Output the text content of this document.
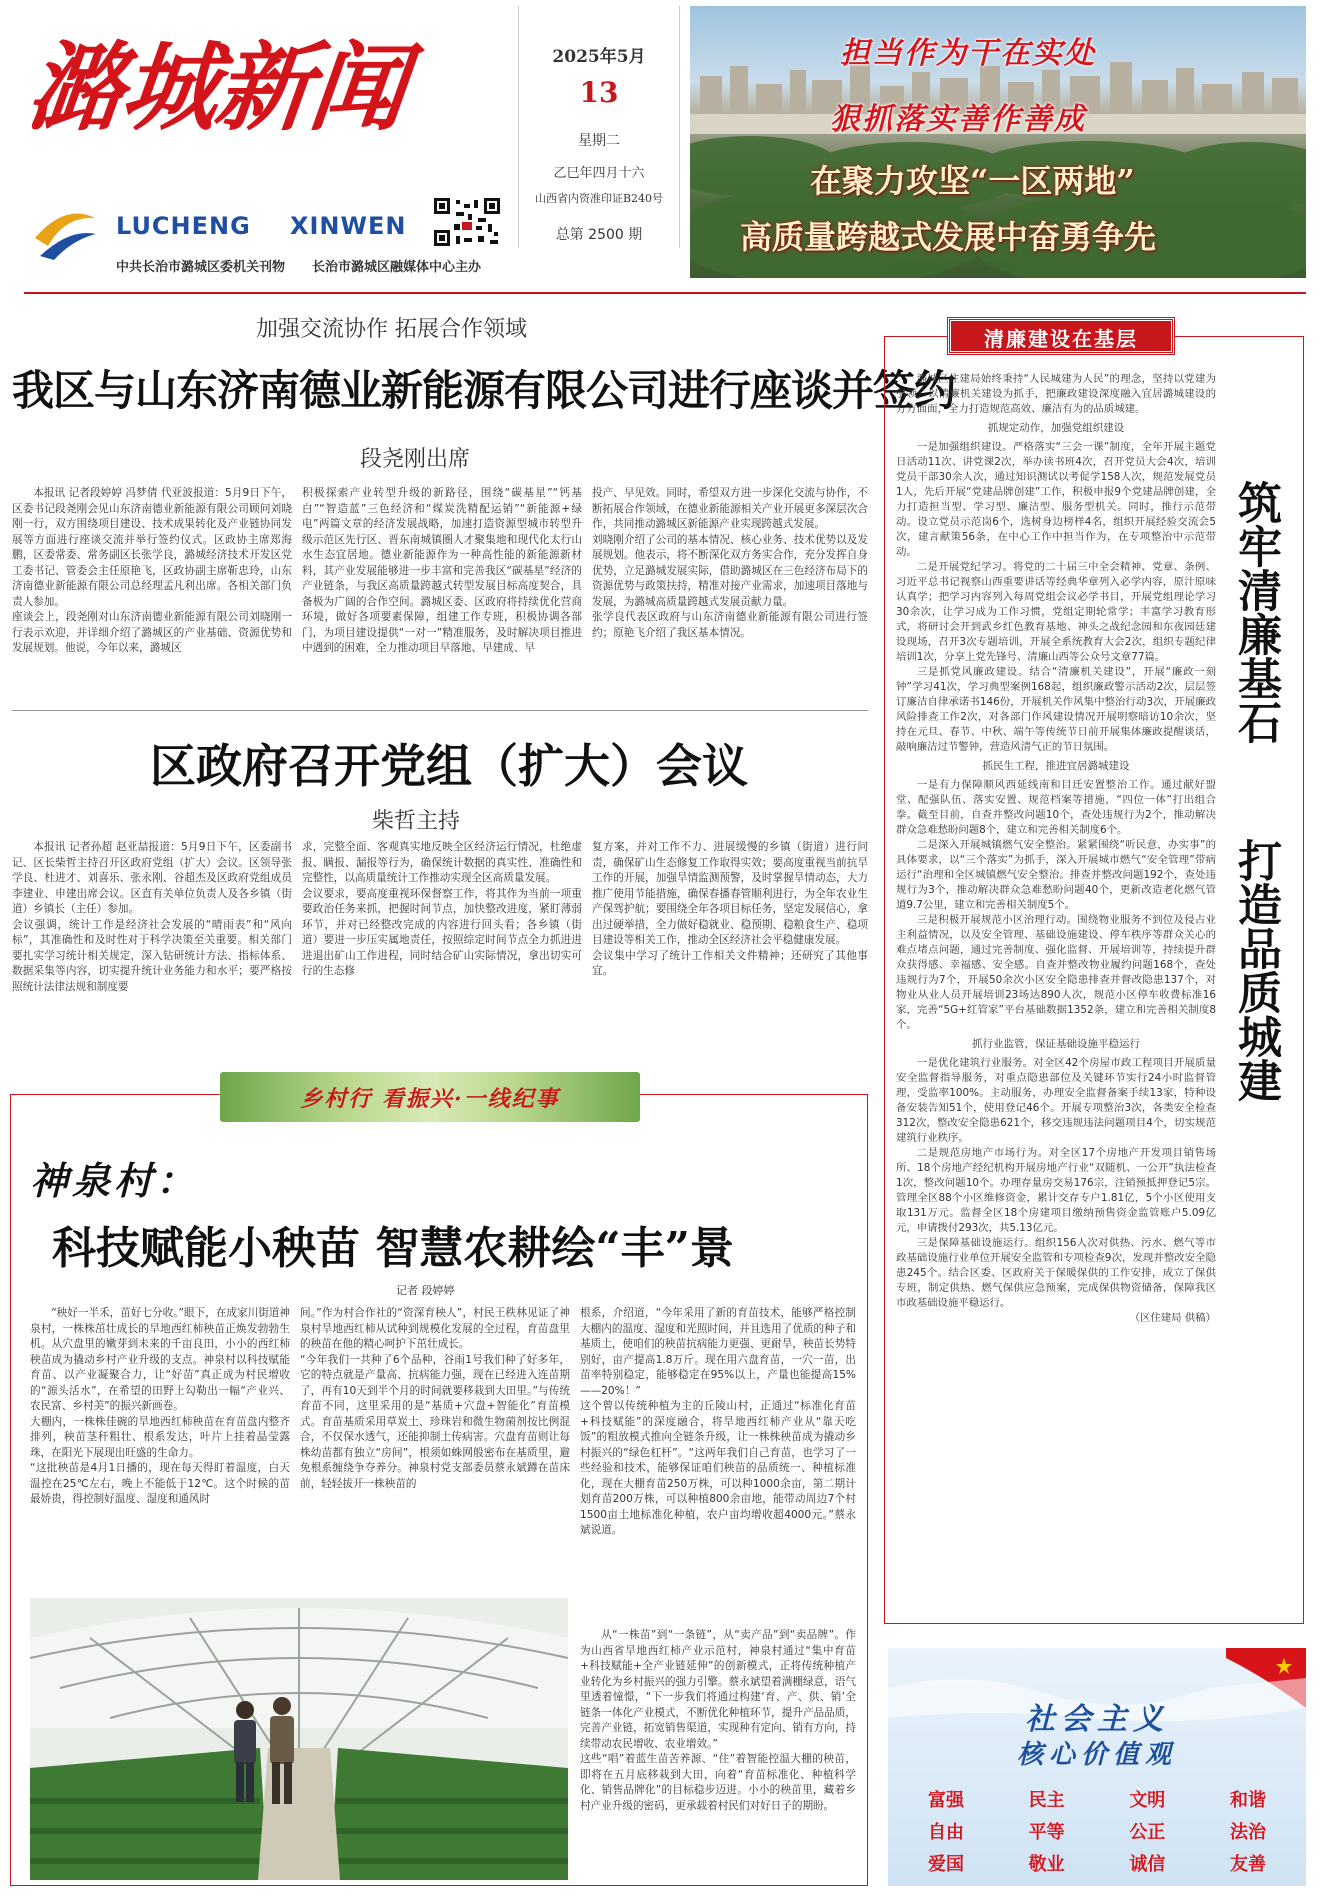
潞城新闻
LUCHENG XINWEN
中共长治市潞城区委机关刊物 长治市潞城区融媒体中心主办
2025年5月
13
星期二
乙巳年四月十六
山西省内资准印证B240号
总第 2500 期
担当作为干在实处
狠抓落实善作善成
在聚力攻坚“一区两地”
高质量跨越式发展中奋勇争先
加强交流协作 拓展合作领域
我区与山东济南德业新能源有限公司进行座谈并签约
段尧刚出席
本报讯 记者段婷婷 冯梦倩 代亚波报道：5月9日下午，区委书记段尧刚会见山东济南德业新能源有限公司顾问刘晓刚一行，双方围绕项目建设、技术成果转化及产业链协同发展等方面进行座谈交流并举行签约仪式。区政协主席郑海鹏，区委常委、常务副区长张学良，潞城经济技术开发区党工委书记、管委会主任原艳飞，区政协副主席靳忠玲，山东济南德业新能源有限公司总经理孟凡利出席。各相关部门负责人参加。
座谈会上，段尧刚对山东济南德业新能源有限公司刘晓刚一行表示欢迎，并详细介绍了潞城区的产业基础、资源优势和发展规划。他说，今年以来，潞城区
积极探索产业转型升级的新路径，围绕“碳基星”“钙基白”“智造蓝”三色经济和“煤炭洗精配运销”“新能源+绿电”两篇文章的经济发展战略，加速打造资源型城市转型升级示范区先行区、晋东南城镇圈人才聚集地和现代化太行山水生态宜居地。德业新能源作为一种高性能的新能源新材料，其产业发展能够进一步丰富和完善我区“碳基星”经济的产业链条，与我区高质量跨越式转型发展目标高度契合，具备极为广阔的合作空间。潞城区委、区政府将持续优化营商环境，做好各项要素保障，组建工作专班，积极协调各部门，为项目建设提供“一对一”精准服务，及时解决项目推进中遇到的困难，全力推动项目早落地、早建成、早
投产、早见效。同时，希望双方进一步深化交流与协作，不断拓展合作领域，在德业新能源相关产业开展更多深层次合作，共同推动潞城区新能源产业实现跨越式发展。
刘晓刚介绍了公司的基本情况、核心业务、技术优势以及发展规划。他表示，将不断深化双方务实合作，充分发挥自身优势，立足潞城发展实际，借助潞城区在三色经济布局下的资源优势与政策扶持，精准对接产业需求，加速项目落地与发展，为潞城高质量跨越式发展贡献力量。
张学良代表区政府与山东济南德业新能源有限公司进行签约；原艳飞介绍了我区基本情况。
区政府召开党组（扩大）会议
柴哲主持
本报讯 记者孙超 赵亚喆报道：5月9日下午，区委副书记、区长柴哲主持召开区政府党组（扩大）会议。区领导张学良、杜进才、刘喜乐、张永刚、谷超杰及区政府党组成员李建业、申建出席会议。区直有关单位负责人及各乡镇（街道）乡镇长（主任）参加。
会议强调，统计工作是经济社会发展的“晴雨表”和“风向标”，其准确性和及时性对于科学决策至关重要。相关部门要扎实学习统计相关规定，深入钻研统计方法、指标体系、数据采集等内容，切实提升统计业务能力和水平；要严格按照统计法律法规和制度要
求，完整全面、客观真实地反映全区经济运行情况，杜绝虚报、瞒报、漏报等行为，确保统计数据的真实性、准确性和完整性，以高质量统计工作推动实现全区高质量发展。
会议要求，要高度重视环保督察工作，将其作为当前一项重要政治任务来抓，把握时间节点，加快整改进度，紧盯薄弱环节，并对已经整改完成的内容进行回头看；各乡镇（街道）要进一步压实属地责任，按照综定时间节点全力抓进进进退出矿山工作进程，同时结合矿山实际情况，拿出切实可行的生态修
复方案，并对工作不力、进展缓慢的乡镇（街道）进行问责，确保矿山生态修复工作取得实效；要高度重视当前抗旱工作的开展，加强旱情监测预警，及时掌握旱情动态，大力推广使用节能措施，确保春播春管顺利进行，为全年农业生产保驾护航；要围绕全年各项目标任务，坚定发展信心，拿出过硬举措，全力做好稳就业、稳预期、稳粮食生产、稳项目建设等相关工作，推动全区经济社会平稳健康发展。
会议集中学习了统计工作相关文件精神；还研究了其他事宜。
乡村行 看振兴·一线纪事
神泉村：
科技赋能小秧苗 智慧农耕绘“丰”景
记者 段婷婷
“秧好一半禾，苗好七分收。”眼下，在成家川街道神泉村，一株株茁壮成长的旱地西红柿秧苗正焕发勃勃生机。从穴盘里的嫩芽到未来的千亩良田，小小的西红柿秧苗成为撬动乡村产业升级的支点。神泉村以科技赋能育苗、以产业凝聚合力，让“好苗”真正成为村民增收的“源头活水”，在希望的田野上勾勒出一幅“产业兴、农民富、乡村美”的振兴新画卷。
大棚内，一株株佳碗的旱地西红柿秧苗在育苗盘内整齐排列，秧苗茎秆粗壮、根系发达，叶片上挂着晶莹露珠，在阳光下展现出旺盛的生命力。
“这批秧苗是4月1日播的，现在每天得盯着温度，白天温控在25℃左右，晚上不能低于12℃。这个时候的苗最娇贵，得控制好温度、湿度和通风时
间。”作为村合作社的“资深育秧人”，村民王秩林见证了神泉村旱地西红柿从试种到规模化发展的全过程，育苗盘里的秧苗在他的精心呵护下茁壮成长。
“今年我们一共种了6个品种，谷雨1号我们种了好多年，它的特点就是产量高、抗病能力强，现在已经进入连苗期了，再有10天到半个月的时间就要移栽到大田里。”与传统育苗不同，这里采用的是“基质+穴盘+智能化”育苗模式。育苗基质采用草炭土、珍珠岩和微生物菌剂按比例混合，不仅保水透气，还能抑制土传病害。穴盘育苗则让每株幼苗都有独立“房间”，根须如蛛网般密布在基质里，避免根系缠绕争夺养分。神泉村党支部委员蔡永斌蹲在苗床前，轻轻拔开一株秧苗的
根系，介绍道，“今年采用了新的育苗技术，能够严格控制大棚内的温度、湿度和光照时间，并且选用了优质的种子和基质土，使咱们的秧苗抗病能力更强、更耐旱，秧苗长势特别好，亩产提高1.8万斤。现在用六盘育苗，一穴一苗，出苗率特别稳定，能够稳定在95%以上，产量也能提高15%——20%！”
这个曾以传统种植为主的丘陵山村，正通过“标准化育苗+科技赋能”的深度融合，将旱地西红柿产业从“靠天吃饭”的粗放模式推向全链条升级，让一株株秧苗成为撬动乡村振兴的“绿色杠杆”。“这两年我们自己育苗，也学习了一些经验和技术，能够保证咱们秧苗的品质统一、种植标准化，现在大棚育苗250万株，可以种1000余亩，第二期计划育苗200万株，可以种植800余亩地，能带动周边7个村1500亩土地标准化种植，农户亩均增收超4000元。”蔡永斌说道。
从“一株苗”到“一条链”，从“卖产品”到“卖品牌”。作为山西省旱地西红柿产业示范村，神泉村通过“集中育苗+科技赋能+全产业链延伸”的创新模式，正将传统种植产业转化为乡村振兴的强力引擎。蔡永斌望着满棚绿意，语气里透着憧憬，“下一步我们将通过构建‘育、产、供、销’全链条一体化产业模式，不断优化种植环节，提升产品品质，完善产业链，拓宽销售渠道，实现种有定向、销有方向，持续带动农民增收、农业增效。”
这些“唱”着蓝生苗苦养源、“住”着智能控温大棚的秧苗，即将在五月底移栽到大田，向着“育苗标准化、种植科学化、销售品牌化”的目标稳步迈进。小小的秧苗里，藏着乡村产业升级的密码，更承载着村民们对好日子的期盼。
清廉建设在基层
筑牢清廉基石
打造品质城建

潞城区住建局始终秉持“人民城建为人民”的理念，坚持以党建为引领，以清廉机关建设为抓手，把廉政建设深度融入宜居潞城建设的方方面面，全力打造规范高效、廉洁有为的品质城建。

抓规定动作，加强党组织建设

一是加强组织建设。严格落实“三会一课”制度，全年开展主题党日活动11次、讲党课2次，举办读书班4次，召开党员大会4次，培训党员干部30余人次，通过知识测试以考促学158人次，规范发展党员1人，先后开展“党建品牌创建”工作，积极申报9个党建品牌创建，全力打造担当型、学习型、廉洁型、服务型机关。同时，推行示范带动。设立党员示范岗6个，选树身边榜样4名，组织开展经验交流会5次，建言献策56条，在中心工作中担当作为，在专项整治中示范带动。

二是开展党纪学习。将党的二十届三中全会精神、党章、条例、习近平总书记视察山西重要讲话等经典华章列入必学内容，原汁原味认真学；把学习内容列入每周党组会议必学书目，开展党组理论学习30余次，让学习成为工作习惯，党组定期轮常学；丰富学习教育形式，将研讨会开到武乡红色教育基地、神头之战纪念园和东夜园廷建设现场，召开3次专题培训，开展全系统教育大会2次，组织专题纪律培训1次，分享上党先锋号、清廉山西等公众号文章77篇。

三是抓党风廉政建设。结合“清廉机关建设”，开展“廉政一刻钟”学习41次，学习典型案例168起，组织廉政警示活动2次，层层签订廉洁自律承诺书146份，开展机关作风集中整治行动3次，开展廉政风险排查工作2次，对各部门作风建设情况开展明察暗访10余次，坚持在元旦、春节、中秋、端午等传统节日前开展集体廉政提醒谈话，敲响廉洁过节警钟，营造风清气正的节日氛围。

抓民生工程，推进宜居潞城建设

一是有力保障顺风西延线南和目迁安置整治工作。通过献好盟堂、配强队伍、落实安置、规范档案等措施，“四位一体”打出组合拳。截至目前，自查并整改问题10个，查处违规行为2个，推动解决群众急难愁盼问题8个，建立和完善相关制度6个。

二是深入开展城镇燃气安全整治。紧紧围绕“听民意，办实事”的具体要求，以“三个落实”为抓手，深入开展城市燃气“安全管理”带病运行“治理和全区城镇燃气安全整治。排查并整改问题192个，查处违规行为3个，推动解决群众急难愁盼问题40个，更新改造老化燃气管道9.7公里，建立和完善相关制度5个。

三是积极开展规范小区治理行动。围绕物业服务不到位及侵占业主利益情况，以及安全管理、基础设施建设、停车秩序等群众关心的难点堵点问题，通过完善制度、强化监督、开展培训等，持续提升群众获得感、幸福感、安全感。自查并整改物业履约问题168个，查处违规行为7个，开展50余次小区安全隐患排查并督改隐患137个，对物业从业人员开展培训23场达890人次，规范小区停车收费标准16家，完善“5G+红管家”平台基础数据1352条，建立和完善相关制度8个。

抓行业监管，保证基础设施平稳运行

一是优化建筑行业服务。对全区42个房屋市政工程项目开展质量安全监督指导服务，对重点隐患部位及关键环节实行24小时监督管理，受监率100%。主动服务，办理安全监督备案手续13家，特种设备安装告知51个，使用登记46个。开展专项整治3次，各类安全检查312次，整改安全隐患621个，移交违规违法问题项目4个，切实规范建筑行业秩序。

二是规范房地产市场行为。对全区17个房地产开发项目销售场所、18个房地产经纪机构开展房地产行业“双随机、一公开”执法检查1次，整改问题10个。办理存量房交易176宗，注销预抵押登记5宗。管理全区88个小区维修资金，累计交存专户1.81亿，5个小区使用支取131万元。监督全区18个房建项目缴纳预售资金监管账户5.09亿元，申请拨付293次，共5.13亿元。

三是保障基础设施运行。组织156人次对供热、污水、燃气等市政基础设施行业单位开展安全监管和专项检查9次，发现并整改安全隐患245个。结合区委、区政府关于保暖保供的工作安排，成立了保供专班，制定供热、燃气保供应急预案，完成保供物资储备，保障我区市政基础设施平稳运行。

（区住建局 供稿）
社会主义
核心价值观
富强	民主	文明	和谐
自由	平等	公正	法治
爱国	敬业	诚信	友善
